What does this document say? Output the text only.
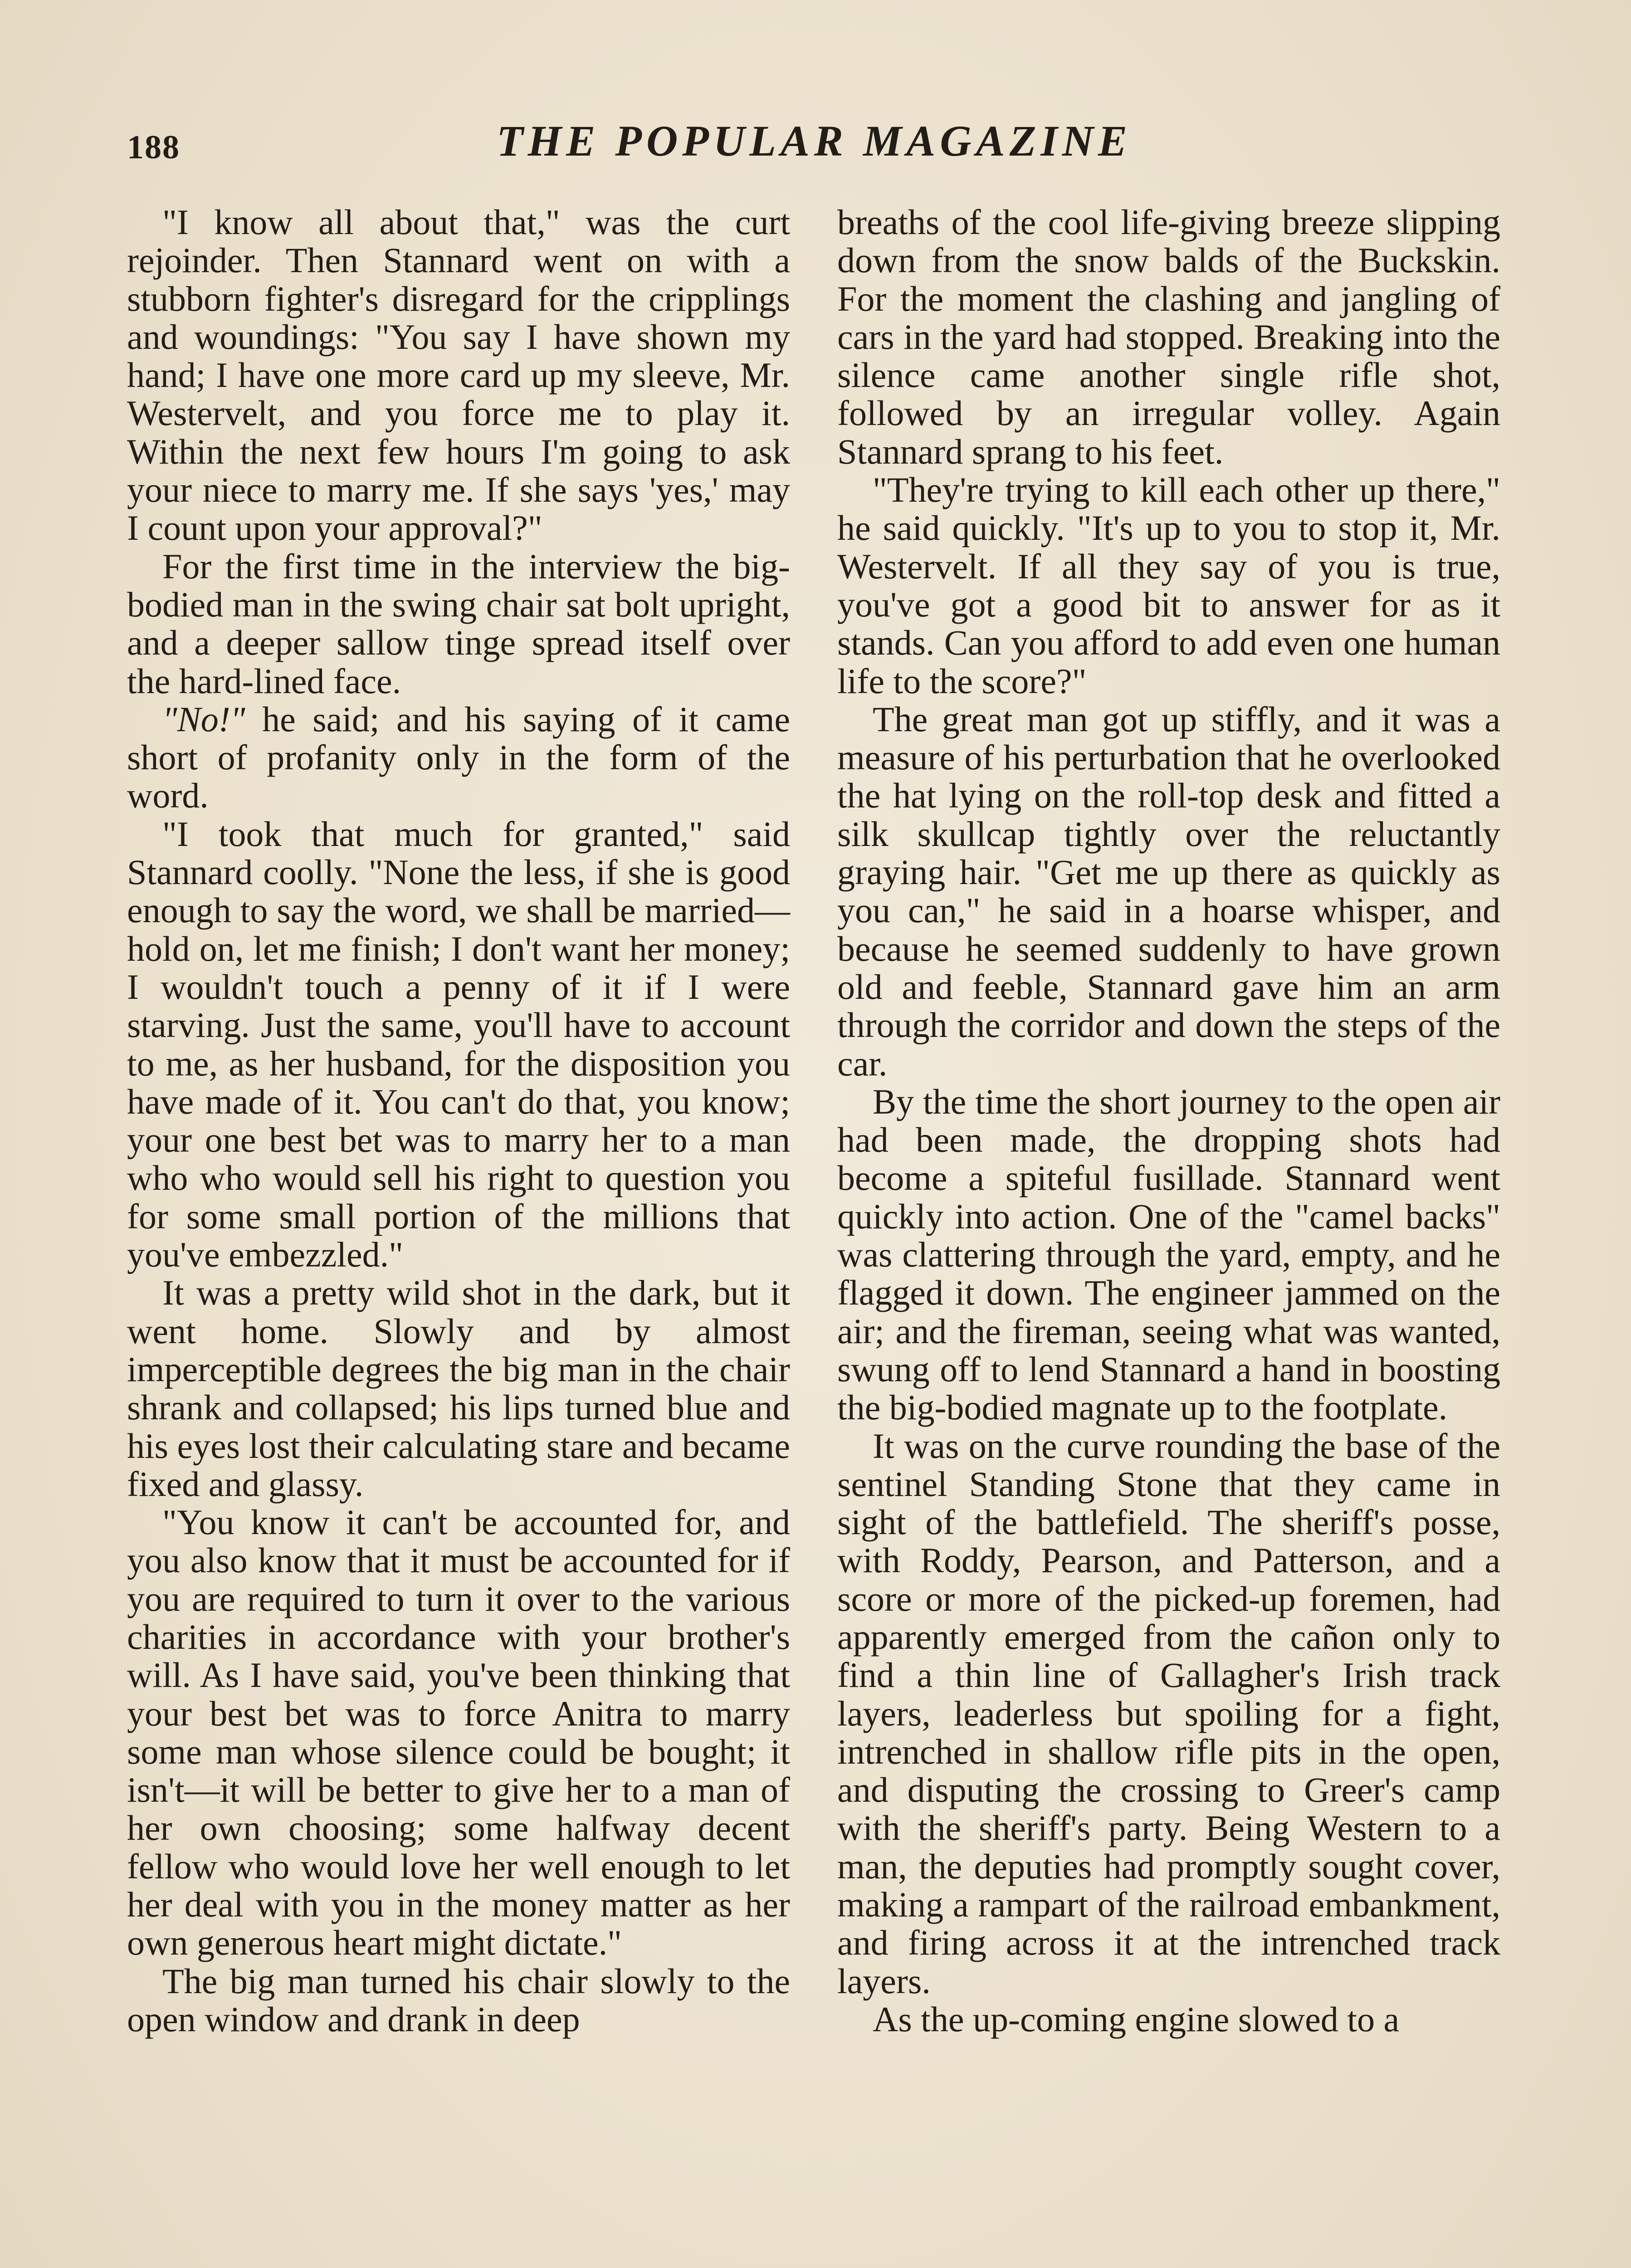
188	THE POPULAR MAGAZINE

"I know all about that," was the curt rejoinder. Then Stannard went on with a stubborn fighter's disregard for the cripplings and woundings: "You say I have shown my hand; I have one more card up my sleeve, Mr. Westervelt, and you force me to play it. Within the next few hours I'm going to ask your niece to marry me. If she says 'yes,' may I count upon your approval?"

For the first time in the interview the big-bodied man in the swing chair sat bolt upright, and a deeper sallow tinge spread itself over the hard-lined face.

"No!" he said; and his saying of it came short of profanity only in the form of the word.

"I took that much for granted," said Stannard coolly. "None the less, if she is good enough to say the word, we shall be married—hold on, let me finish; I don't want her money; I wouldn't touch a penny of it if I were starving. Just the same, you'll have to account to me, as her husband, for the disposition you have made of it. You can't do that, you know; your one best bet was to marry her to a man who who would sell his right to question you for some small portion of the millions that you've embezzled."

It was a pretty wild shot in the dark, but it went home. Slowly and by almost imperceptible degrees the big man in the chair shrank and collapsed; his lips turned blue and his eyes lost their calculating stare and became fixed and glassy.

"You know it can't be accounted for, and you also know that it must be accounted for if you are required to turn it over to the various charities in accordance with your brother's will. As I have said, you've been thinking that your best bet was to force Anitra to marry some man whose silence could be bought; it isn't—it will be better to give her to a man of her own choosing; some halfway decent fellow who would love her well enough to let her deal with you in the money matter as her own generous heart might dictate."

The big man turned his chair slowly to the open window and drank in deep

breaths of the cool life-giving breeze slipping down from the snow balds of the Buckskin. For the moment the clashing and jangling of cars in the yard had stopped. Breaking into the silence came another single rifle shot, followed by an irregular volley. Again Stannard sprang to his feet.

"They're trying to kill each other up there," he said quickly. "It's up to you to stop it, Mr. Westervelt. If all they say of you is true, you've got a good bit to answer for as it stands. Can you afford to add even one human life to the score?"

The great man got up stiffly, and it was a measure of his perturbation that he overlooked the hat lying on the roll-top desk and fitted a silk skullcap tightly over the reluctantly graying hair. "Get me up there as quickly as you can," he said in a hoarse whisper, and because he seemed suddenly to have grown old and feeble, Stannard gave him an arm through the corridor and down the steps of the car.

By the time the short journey to the open air had been made, the dropping shots had become a spiteful fusillade. Stannard went quickly into action. One of the "camel backs" was clattering through the yard, empty, and he flagged it down. The engineer jammed on the air; and the fireman, seeing what was wanted, swung off to lend Stannard a hand in boosting the big-bodied magnate up to the footplate.

It was on the curve rounding the base of the sentinel Standing Stone that they came in sight of the battlefield. The sheriff's posse, with Roddy, Pearson, and Patterson, and a score or more of the picked-up foremen, had apparently emerged from the cañon only to find a thin line of Gallagher's Irish track layers, leaderless but spoiling for a fight, intrenched in shallow rifle pits in the open, and disputing the crossing to Greer's camp with the sheriff's party. Being Western to a man, the deputies had promptly sought cover, making a rampart of the railroad embankment, and firing across it at the intrenched track layers.

As the up-coming engine slowed to a
